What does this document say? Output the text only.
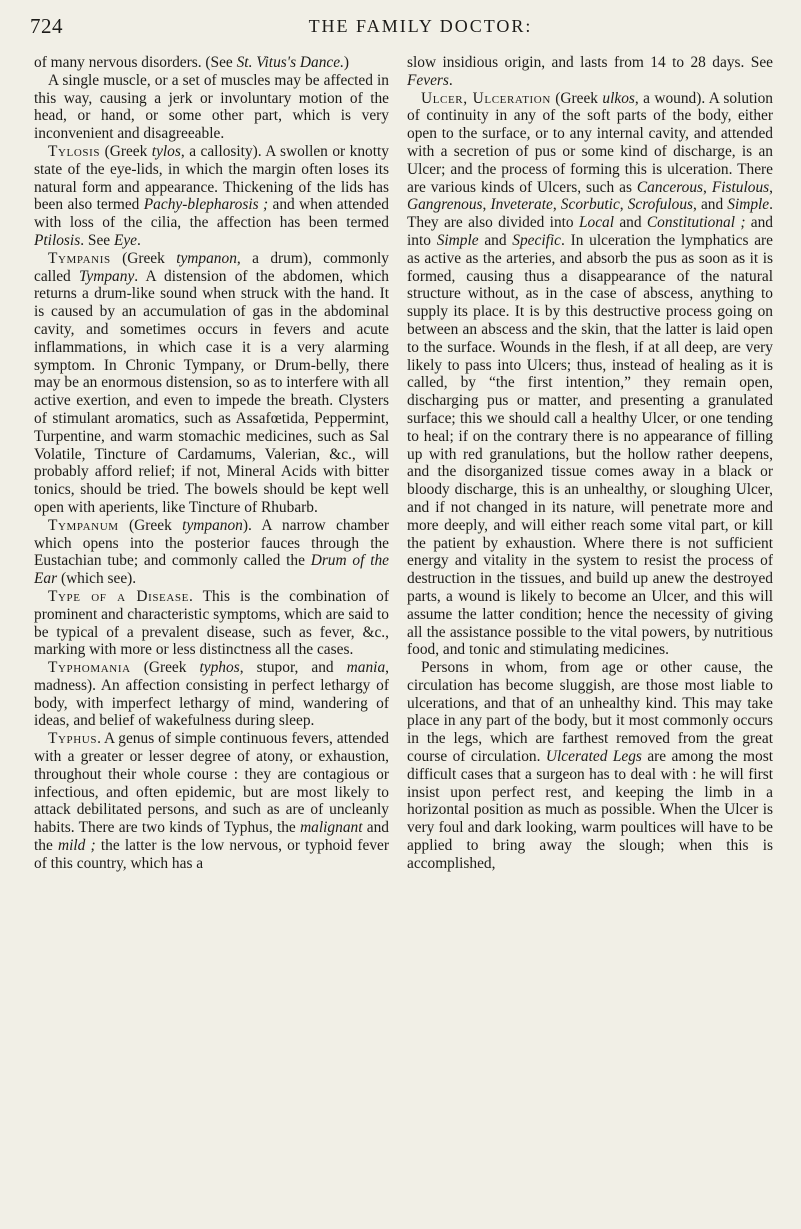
724	THE FAMILY DOCTOR:

of many nervous disorders. (See St. Vitus's Dance.)

A single muscle, or a set of muscles may be affected in this way, causing a jerk or involuntary motion of the head, or hand, or some other part, which is very inconvenient and disagreeable.

Tylosis (Greek tylos, a callosity). A swollen or knotty state of the eye-lids, in which the margin often loses its natural form and appearance. Thickening of the lids has been also termed Pachy-blepharosis ; and when attended with loss of the cilia, the affection has been termed Ptilosis. See Eye.

Tympanis (Greek tympanon, a drum), commonly called Tympany. A distension of the abdomen, which returns a drum-like sound when struck with the hand. It is caused by an accumulation of gas in the abdominal cavity, and sometimes occurs in fevers and acute inflammations, in which case it is a very alarming symptom. In Chronic Tympany, or Drum-belly, there may be an enormous distension, so as to interfere with all active exertion, and even to impede the breath. Clysters of stimulant aromatics, such as Assafœtida, Peppermint, Turpentine, and warm stomachic medicines, such as Sal Volatile, Tincture of Cardamums, Valerian, &c., will probably afford relief; if not, Mineral Acids with bitter tonics, should be tried. The bowels should be kept well open with aperients, like Tincture of Rhubarb.

Tympanum (Greek tympanon). A narrow chamber which opens into the posterior fauces through the Eustachian tube; and commonly called the Drum of the Ear (which see).

Type of a Disease. This is the combination of prominent and characteristic symptoms, which are said to be typical of a prevalent disease, such as fever, &c., marking with more or less distinctness all the cases.

Typhomania (Greek typhos, stupor, and mania, madness). An affection consisting in perfect lethargy of body, with imperfect lethargy of mind, wandering of ideas, and belief of wakefulness during sleep.

Typhus. A genus of simple continuous fevers, attended with a greater or lesser degree of atony, or exhaustion, throughout their whole course : they are contagious or infectious, and often epidemic, but are most likely to attack debilitated persons, and such as are of uncleanly habits. There are two kinds of Typhus, the malignant and the mild ; the latter is the low nervous, or typhoid fever of this country, which has a

slow insidious origin, and lasts from 14 to 28 days. See Fevers.

Ulcer, Ulceration (Greek ulkos, a wound). A solution of continuity in any of the soft parts of the body, either open to the surface, or to any internal cavity, and attended with a secretion of pus or some kind of discharge, is an Ulcer; and the process of forming this is ulceration. There are various kinds of Ulcers, such as Cancerous, Fistulous, Gangrenous, Inveterate, Scorbutic, Scrofulous, and Simple. They are also divided into Local and Constitutional ; and into Simple and Specific. In ulceration the lymphatics are as active as the arteries, and absorb the pus as soon as it is formed, causing thus a disappearance of the natural structure without, as in the case of abscess, anything to supply its place. It is by this destructive process going on between an abscess and the skin, that the latter is laid open to the surface. Wounds in the flesh, if at all deep, are very likely to pass into Ulcers; thus, instead of healing as it is called, by “the first intention,” they remain open, discharging pus or matter, and presenting a granulated surface; this we should call a healthy Ulcer, or one tending to heal; if on the contrary there is no appearance of filling up with red granulations, but the hollow rather deepens, and the disorganized tissue comes away in a black or bloody discharge, this is an unhealthy, or sloughing Ulcer, and if not changed in its nature, will penetrate more and more deeply, and will either reach some vital part, or kill the patient by exhaustion. Where there is not sufficient energy and vitality in the system to resist the process of destruction in the tissues, and build up anew the destroyed parts, a wound is likely to become an Ulcer, and this will assume the latter condition; hence the necessity of giving all the assistance possible to the vital powers, by nutritious food, and tonic and stimulating medicines.

Persons in whom, from age or other cause, the circulation has become sluggish, are those most liable to ulcerations, and that of an unhealthy kind. This may take place in any part of the body, but it most commonly occurs in the legs, which are farthest removed from the great course of circulation. Ulcerated Legs are among the most difficult cases that a surgeon has to deal with : he will first insist upon perfect rest, and keeping the limb in a horizontal position as much as possible. When the Ulcer is very foul and dark looking, warm poultices will have to be applied to bring away the slough; when this is accomplished,
